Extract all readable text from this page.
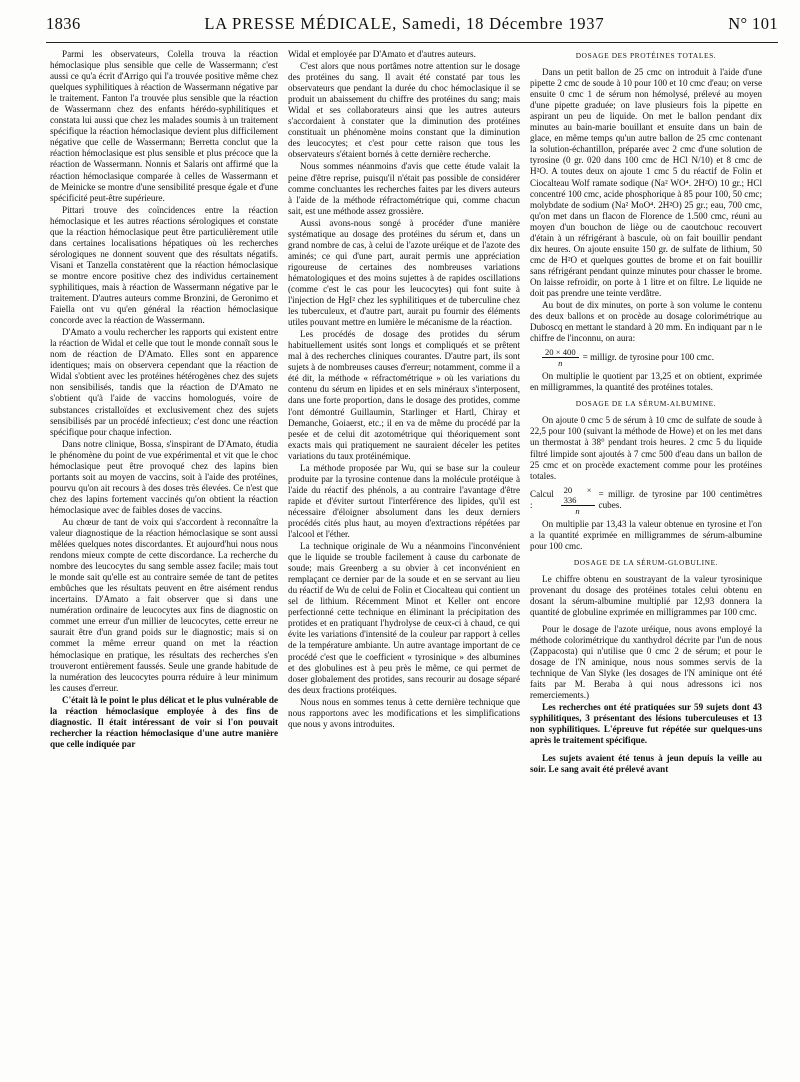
1836	LA PRESSE MÉDICALE, Samedi, 18 Décembre 1937	N° 101

Parmi les observateurs, Colella trouva la réaction hémoclasique plus sensible que celle de Wassermann; c'est aussi ce qu'a écrit d'Arrigo qui l'a trouvée positive même chez quelques syphilitiques à réaction de Wassermann négative par le traitement. Fanton l'a trouvée plus sensible que la réaction de Wassermann chez des enfants hérédo-syphilitiques et constata lui aussi que chez les malades soumis à un traitement spécifique la réaction hémoclasique devient plus difficilement négative que celle de Wassermann; Berretta conclut que la réaction hémoclasique est plus sensible et plus précoce que la réaction de Wassermann. Nonnis et Salaris ont affirmé que la réaction hémoclasique comparée à celles de Wassermann et de Meinicke se montre d'une sensibilité presque égale et d'une spécificité peut-être supérieure.

Pittari trouve des coïncidences entre la réaction hémoclasique et les autres réactions sérologiques et constate que la réaction hémoclasique peut être particulièrement utile dans certaines localisations hépatiques où les recherches sérologiques ne donnent souvent que des résultats négatifs. Visani et Tanzella constatèrent que la réaction hémoclasique se montre encore positive chez des individus certainement syphilitiques, mais à réaction de Wassermann négative par le traitement. D'autres auteurs comme Bronzini, de Geronimo et Faiella ont vu qu'en général la réaction hémoclasique concorde avec la réaction de Wassermann.

D'Amato a voulu rechercher les rapports qui existent entre la réaction de Widal et celle que tout le monde connaît sous le nom de réaction de D'Amato. Elles sont en apparence identiques; mais on observera cependant que la réaction de Widal s'obtient avec les protéines hétérogènes chez des sujets non sensibilisés, tandis que la réaction de D'Amato ne s'obtient qu'à l'aide de vaccins homologués, voire de substances cristalloïdes et exclusivement chez des sujets sensibilisés par un procédé infectieux; c'est donc une réaction spécifique pour chaque infection.

Dans notre clinique, Bossa, s'inspirant de D'Amato, étudia le phénomène du point de vue expérimental et vit que le choc hémoclasique peut être provoqué chez des lapins bien portants soit au moyen de vaccins, soit à l'aide des protéines, pourvu qu'on ait recours à des doses très élevées. Ce n'est que chez des lapins fortement vaccinés qu'on obtient la réaction hémoclasique avec de faibles doses de vaccins.

Au chœur de tant de voix qui s'accordent à reconnaître la valeur diagnostique de la réaction hémoclasique se sont aussi mêlées quelques notes discordantes. Et aujourd'hui nous nous rendons mieux compte de cette discordance. La recherche du nombre des leucocytes du sang semble assez facile; mais tout le monde sait qu'elle est au contraire semée de tant de petites embûches que les résultats peuvent en être aisément rendus incertains. D'Amato a fait observer que si dans une numération ordinaire de leucocytes aux fins de diagnostic on commet une erreur d'un millier de leucocytes, cette erreur ne saurait être d'un grand poids sur le diagnostic; mais si on commet la même erreur quand on met la réaction hémoclasique en pratique, les résultats des recherches s'en trouveront entièrement faussés. Seule une grande habitude de la numération des leucocytes pourra réduire à leur minimum les causes d'erreur.

C'était là le point le plus délicat et le plus vulnérable de la réaction hémoclasique employée à des fins de diagnostic. Il était intéressant de voir si l'on pouvait rechercher la réaction hémoclasique d'une autre manière que celle indiquée par

Widal et employée par D'Amato et d'autres auteurs.

C'est alors que nous portâmes notre attention sur le dosage des protéines du sang. Il avait été constaté par tous les observateurs que pendant la durée du choc hémoclasique il se produit un abaissement du chiffre des protéines du sang; mais Widal et ses collaborateurs ainsi que les autres auteurs s'accordaient à constater que la diminution des protéines constituait un phénomène moins constant que la diminution des leucocytes; et c'est pour cette raison que tous les observateurs s'étaient bornés à cette dernière recherche.

Nous sommes néanmoins d'avis que cette étude valait la peine d'être reprise, puisqu'il n'était pas possible de considérer comme concluantes les recherches faites par les divers auteurs à l'aide de la méthode réfractométrique qui, comme chacun sait, est une méthode assez grossière.

Aussi avons-nous songé à procéder d'une manière systématique au dosage des protéines du sérum et, dans un grand nombre de cas, à celui de l'azote uréique et de l'azote des aminés; ce qui d'une part, aurait permis une appréciation rigoureuse de certaines des nombreuses variations hématologiques et des moins sujettes à de rapides oscillations (comme c'est le cas pour les leucocytes) qui font suite à l'injection de HgI² chez les syphilitiques et de tuberculine chez les tuberculeux, et d'autre part, aurait pu fournir des éléments utiles pouvant mettre en lumière le mécanisme de la réaction.

Les procédés de dosage des protides du sérum habituellement usités sont longs et compliqués et se prêtent mal à des recherches cliniques courantes. D'autre part, ils sont sujets à de nombreuses causes d'erreur; notamment, comme il a été dit, la méthode « réfractométrique » où les variations du contenu du sérum en lipides et en sels minéraux s'interposent, dans une forte proportion, dans le dosage des protides, comme l'ont démontré Guillaumin, Starlinger et Hartl, Chiray et Demanche, Goiaerst, etc.; il en va de même du procédé par la pesée et de celui dit azotométrique qui théoriquement sont exacts mais qui pratiquement ne sauraient déceler les petites variations du taux protéinémique.

La méthode proposée par Wu, qui se base sur la couleur produite par la tyrosine contenue dans la molécule protéique à l'aide du réactif des phénols, a au contraire l'avantage d'être rapide et d'éviter surtout l'interférence des lipides, qu'il est nécessaire d'éloigner absolument dans les deux derniers procédés cités plus haut, au moyen d'extractions répétées par l'alcool et l'éther.

La technique originale de Wu a néanmoins l'inconvénient que le liquide se trouble facilement à cause du carbonate de soude; mais Greenberg a su obvier à cet inconvénient en remplaçant ce dernier par de la soude et en se servant au lieu du réactif de Wu de celui de Folin et Ciocalteau qui contient un sel de lithium. Récemment Minot et Keller ont encore perfectionné cette technique en éliminant la précipitation des protides et en pratiquant l'hydrolyse de ceux-ci à chaud, ce qui évite les variations d'intensité de la couleur par rapport à celles de la température ambiante. Un autre avantage important de ce procédé c'est que le coefficient « tyrosinique » des albumines et des globulines est à peu près le même, ce qui permet de doser globalement des protides, sans recourir au dosage séparé des deux fractions protéiques.

Nous nous en sommes tenus à cette dernière technique que nous rapportons avec les modifications et les simplifications que nous y avons introduites.

DOSAGE DES PROTÉINES TOTALES.

Dans un petit ballon de 25 cmc on introduit à l'aide d'une pipette 2 cmc de soude à 10 pour 100 et 10 cmc d'eau; on verse ensuite 0 cmc 1 de sérum non hémolysé, prélevé au moyen d'une pipette graduée; on lave plusieurs fois la pipette en aspirant un peu de liquide. On met le ballon pendant dix minutes au bain-marie bouillant et ensuite dans un bain de glace, en même temps qu'un autre ballon de 25 cmc contenant la solution-échantillon, préparée avec 2 cmc d'une solution de tyrosine (0 gr. 020 dans 100 cmc de HCl N/10) et 8 cmc de H²O. A toutes deux on ajoute 1 cmc 5 du réactif de Folin et Ciocalteau Wolf ramate sodique (Na² WO⁴. 2H²O) 10 gr.; HCl concentré 100 cmc, acide phosphorique à 85 pour 100, 50 cmc; molybdate de sodium (Na² MoO⁴. 2H²O) 25 gr.; eau, 700 cmc, qu'on met dans un flacon de Florence de 1.500 cmc, réuni au moyen d'un bouchon de liège ou de caoutchouc recouvert d'étain à un réfrigérant à bascule, où on fait bouillir pendant dix heures. On ajoute ensuite 150 gr. de sulfate de lithium, 50 cmc de H²O et quelques gouttes de brome et on fait bouillir sans réfrigérant pendant quinze minutes pour chasser le brome. On laisse refroidir, on porte à 1 litre et on filtre. Le liquide ne doit pas prendre une teinte verdâtre.

Au bout de dix minutes, on porte à son volume le contenu des deux ballons et on procède au dosage colorimétrique au Duboscq en mettant le standard à 20 mm. En indiquant par n le chiffre de l'inconnu, on aura:

$\frac{20 \times 400}{n}$ = milligr. de tyrosine pour 100 cmc.

On multiplie le quotient par 13,25 et on obtient, exprimée en milligrammes, la quantité des protéines totales.

DOSAGE DE LA SÉRUM-ALBUMINE.

On ajoute 0 cmc 5 de sérum à 10 cmc de sulfate de soude à 22,5 pour 100 (suivant la méthode de Howe) et on les met dans un thermostat à 38° pendant trois heures. 2 cmc 5 du liquide filtré limpide sont ajoutés à 7 cmc 500 d'eau dans un ballon de 25 cmc et on procède exactement comme pour les protéines totales.

Calcul :	$\frac{20 \times 336}{n}$ = milligr. de tyrosine par 100 centimètres cubes.

On multiplie par 13,43 la valeur obtenue en tyrosine et l'on a la quantité exprimée en milligrammes de sérum-albumine pour 100 cmc.

DOSAGE DE LA SÉRUM-GLOBULINE.

Le chiffre obtenu en soustrayant de la valeur tyrosinique provenant du dosage des protéines totales celui obtenu en dosant la sérum-albumine multiplié par 12,93 donnera la quantité de globuline exprimée en milligrammes par 100 cmc.

Pour le dosage de l'azote uréique, nous avons employé la méthode colorimétrique du xanthydrol décrite par l'un de nous (Zappacosta) qui n'utilise que 0 cmc 2 de sérum; et pour le dosage de l'N aminique, nous nous sommes servis de la technique de Van Slyke (les dosages de l'N aminique ont été faits par M. Beraba à qui nous adressons ici nos remerciements.)

Les recherches ont été pratiquées sur 59 sujets dont 43 syphilitiques, 3 présentant des lésions tuberculeuses et 13 non syphilitiques. L'épreuve fut répétée sur quelques-uns après le traitement spécifique.

Les sujets avaient été tenus à jeun depuis la veille au soir. Le sang avait été prélevé avant
